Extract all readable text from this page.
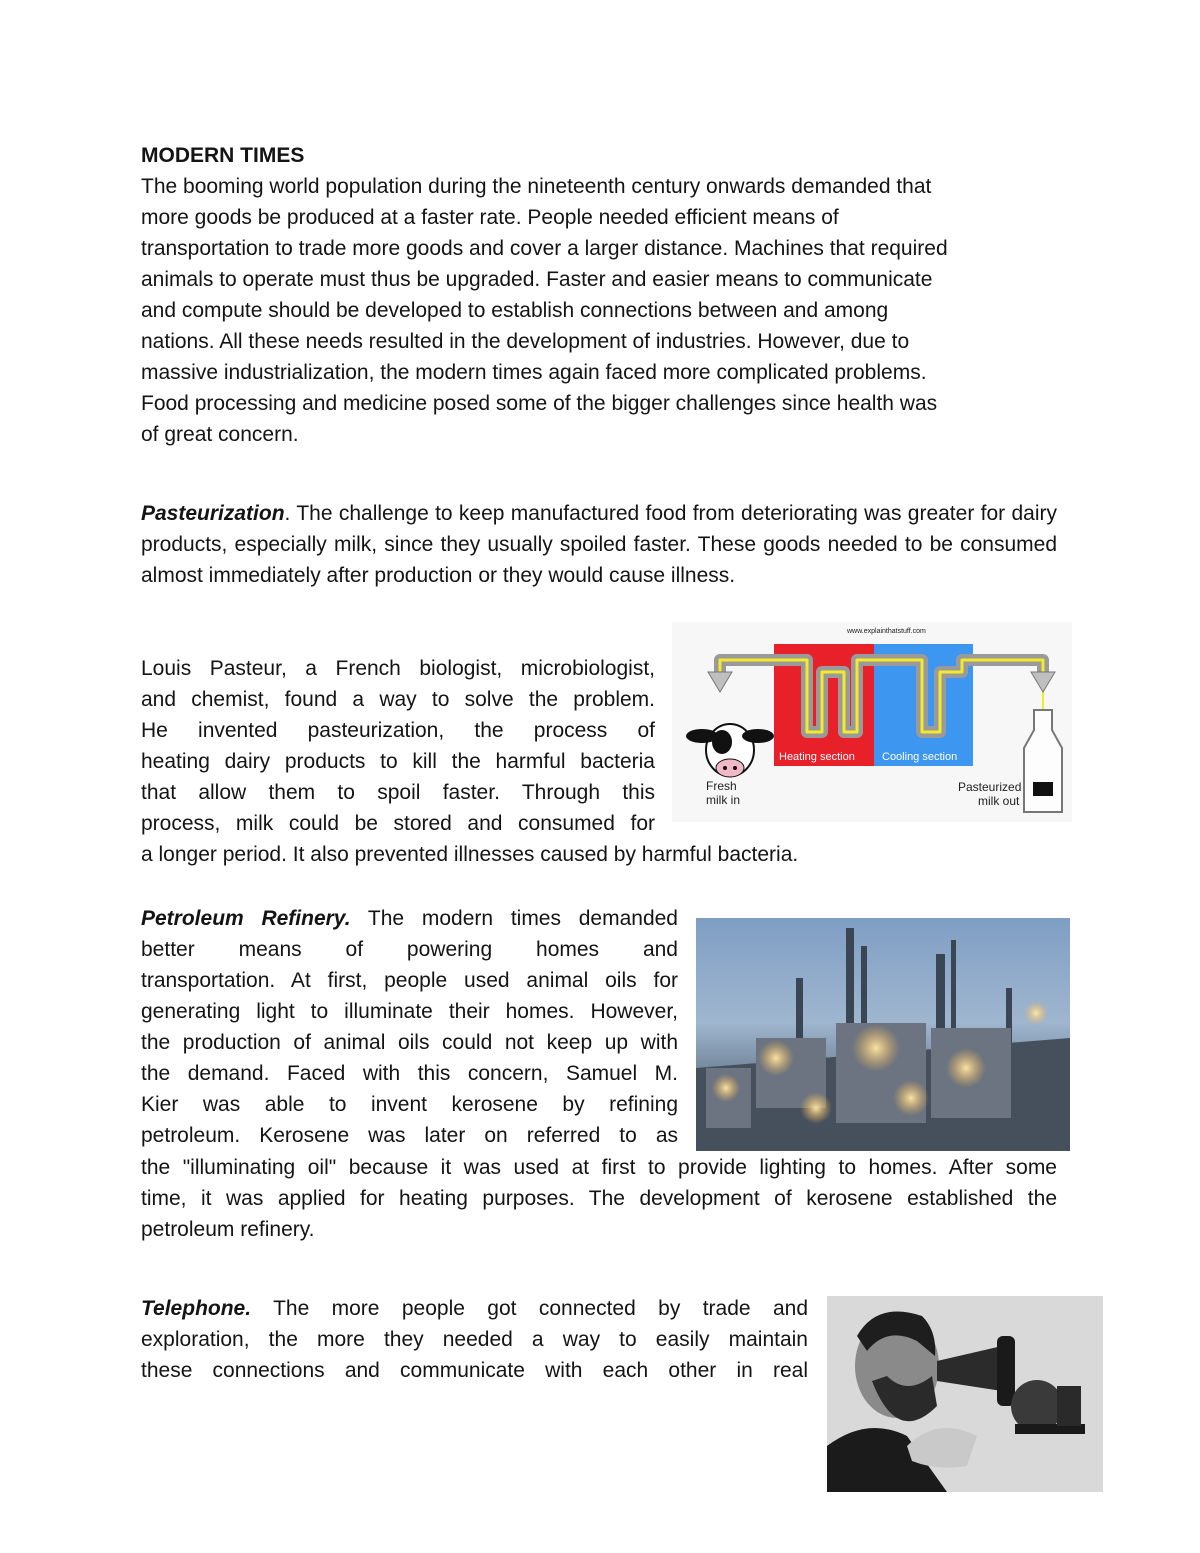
MODERN TIMES

The booming world population during the nineteenth century onwards demanded that
more goods be produced at a faster rate. People needed efficient means of
transportation to trade more goods and cover a larger distance. Machines that required
animals to operate must thus be upgraded. Faster and easier means to communicate
and compute should be developed to establish connections between and among
nations. All these needs resulted in the development of industries. However, due to
massive industrialization, the modern times again faced more complicated problems.
Food processing and medicine posed some of the bigger challenges since health was
of great concern.

Pasteurization. The challenge to keep manufactured food from deteriorating was greater for dairy products, especially milk, since they usually spoiled faster. These goods needed to be consumed almost immediately after production or they would cause illness.

Louis Pasteur, a French biologist, microbiologist,
and chemist, found a way to solve the problem.
He invented pasteurization, the process of
heating dairy products to kill the harmful bacteria
that allow them to spoil faster. Through this
process, milk could be stored and consumed for

a longer period. It also prevented illnesses caused by harmful bacteria.

www.explainthatstuff.com
Heating section Cooling section
Fresh
milk in
Pasteurized
milk out
Petroleum Refinery. The modern times demanded
better means of powering homes and
transportation. At first, people used animal oils for
generating light to illuminate their homes. However,
the production of animal oils could not keep up with
the demand. Faced with this concern, Samuel M.
Kier was able to invent kerosene by refining
petroleum. Kerosene was later on referred to as
the "illuminating oil" because it was used at first to provide lighting to homes. After some
time, it was applied for heating purposes. The development of kerosene established the
petroleum refinery.
Telephone. The more people got connected by trade and
exploration, the more they needed a way to easily maintain
these connections and communicate with each other in real
